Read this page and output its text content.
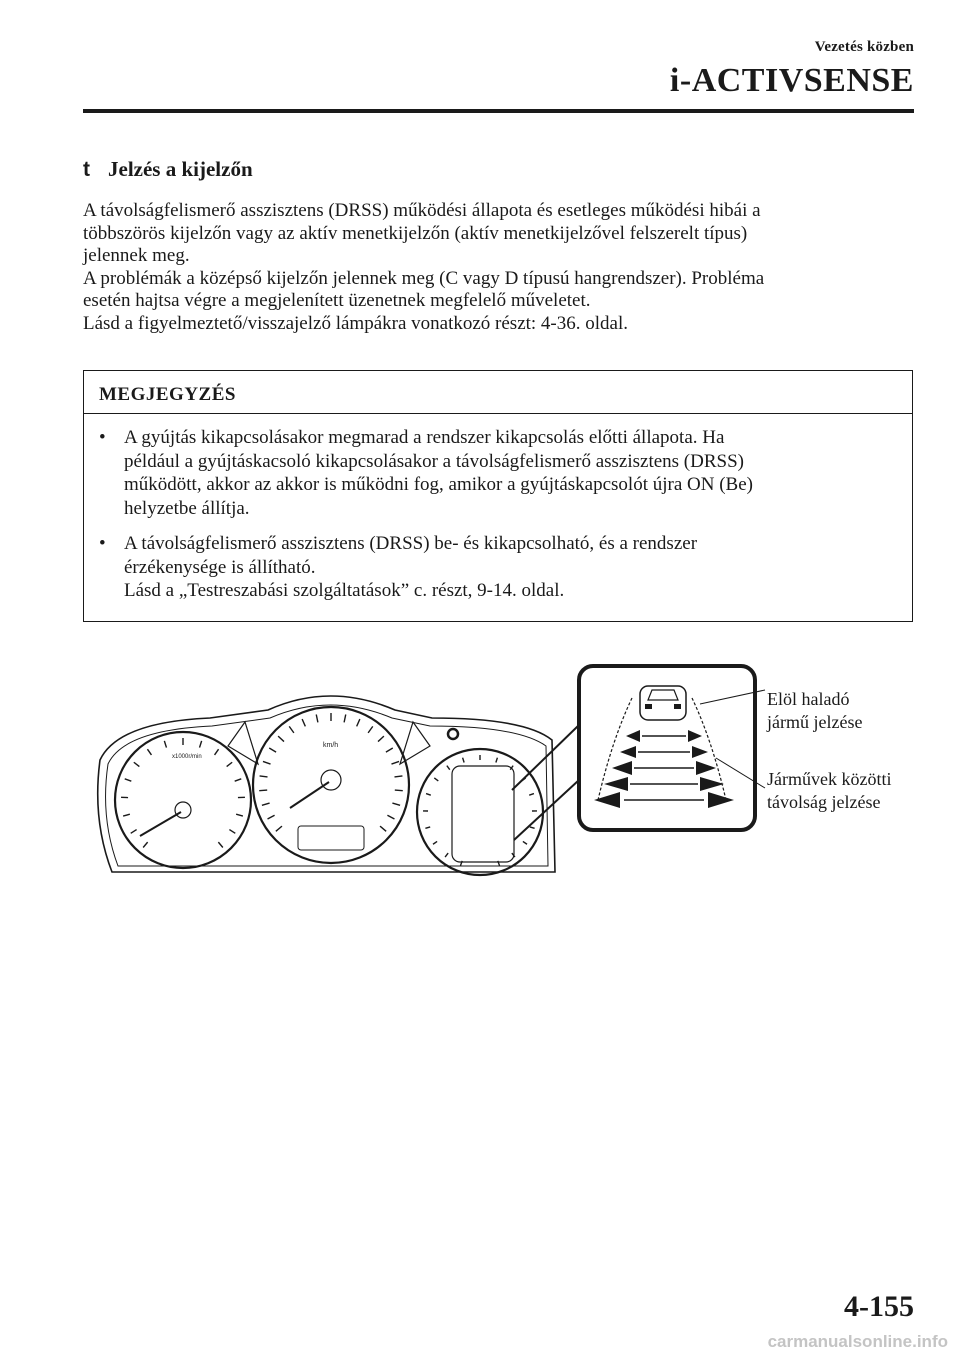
Vezetés közben
i-ACTIVSENSE
t Jelzés a kijelzőn

A távolságfelismerő asszisztens (DRSS) működési állapota és esetleges működési hibái a

többszörös kijelzőn vagy az aktív menetkijelzőn (aktív menetkijelzővel felszerelt típus)

jelennek meg.

A problémák a középső kijelzőn jelennek meg (C vagy D típusú hangrendszer). Probléma

esetén hajtsa végre a megjelenített üzenetnek megfelelő műveletet.

Lásd a figyelmeztető/visszajelző lámpákra vonatkozó részt: 4-36. oldal.

MEGJEGYZÉS
• A gyújtás kikapcsolásakor megmarad a rendszer kikapcsolás előtti állapota. Ha
például a gyújtáskacsoló kikapcsolásakor a távolságfelismerő asszisztens (DRSS)
működött, akkor az akkor is működni fog, amikor a gyújtáskapcsolót újra ON (Be)
helyzetbe állítja.
• A távolságfelismerő asszisztens (DRSS) be- és kikapcsolható, és a rendszer
érzékenysége is állítható.
Lásd a „Testreszabási szolgáltatások” c. részt, 9-14. oldal.
x1000r/min
km/h
Elöl haladó
jármű jelzése
Járművek közötti
távolság jelzése
4-155
carmanualsonline.info
